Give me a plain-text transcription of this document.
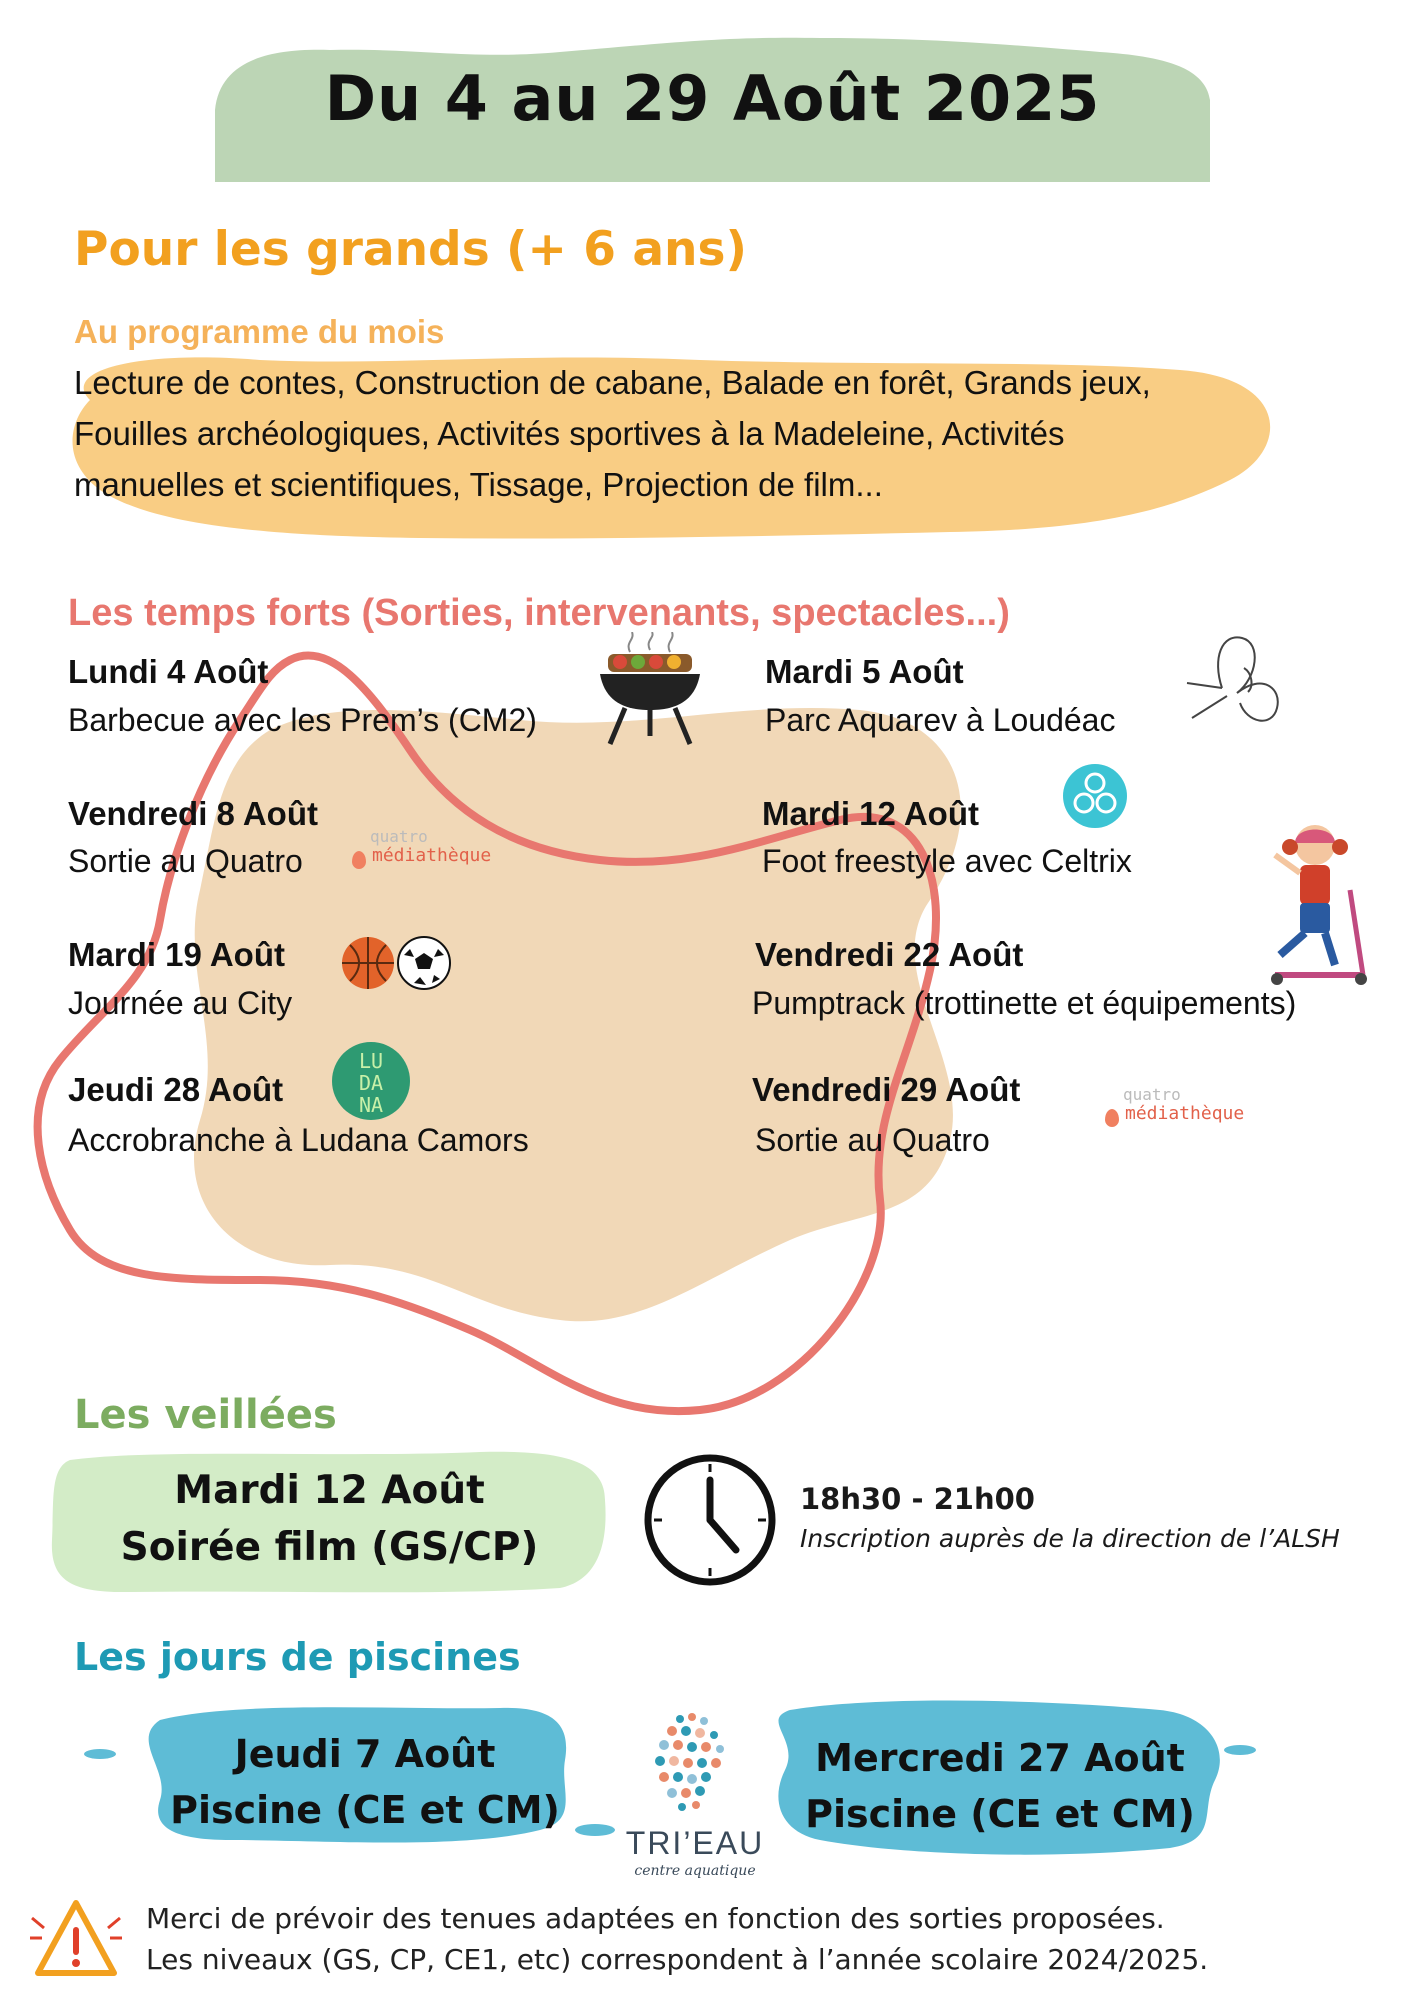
Du 4 au 29 Août 2025
Pour les grands (+ 6 ans)
Au programme du mois
Lecture de contes, Construction de cabane, Balade en forêt, Grands jeux,
Fouilles archéologiques, Activités sportives à la Madeleine, Activités
manuelles et scientifiques, Tissage, Projection de film...
Les temps forts (Sorties, intervenants, spectacles...)
Lundi 4 Août
Barbecue avec les Prem’s (CM2)
Mardi 5 Août
Parc Aquarev à Loudéac
Vendredi 8 Août
Sortie au Quatro
Mardi 12 Août
Foot freestyle avec Celtrix
Mardi 19 Août
Journée au City
Vendredi 22 Août
Pumptrack (trottinette et équipements)
Jeudi 28 Août
Accrobranche à Ludana Camors
Vendredi 29 Août
Sortie au Quatro
quatro
médiathèque
LU
DA
NA	quatro
médiathèque
Les veillées
Mardi 12 Août
Soirée film (GS/CP)
18h30 - 21h00
Inscription auprès de la direction de l’ALSH
Les jours de piscines
Jeudi 7 Août
Piscine (CE et CM)
Mercredi 27 Août
Piscine (CE et CM)
TRI’EAU
centre aquatique
Merci de prévoir des tenues adaptées en fonction des sorties proposées.
Les niveaux (GS, CP, CE1, etc) correspondent à l’année scolaire 2024/2025.
